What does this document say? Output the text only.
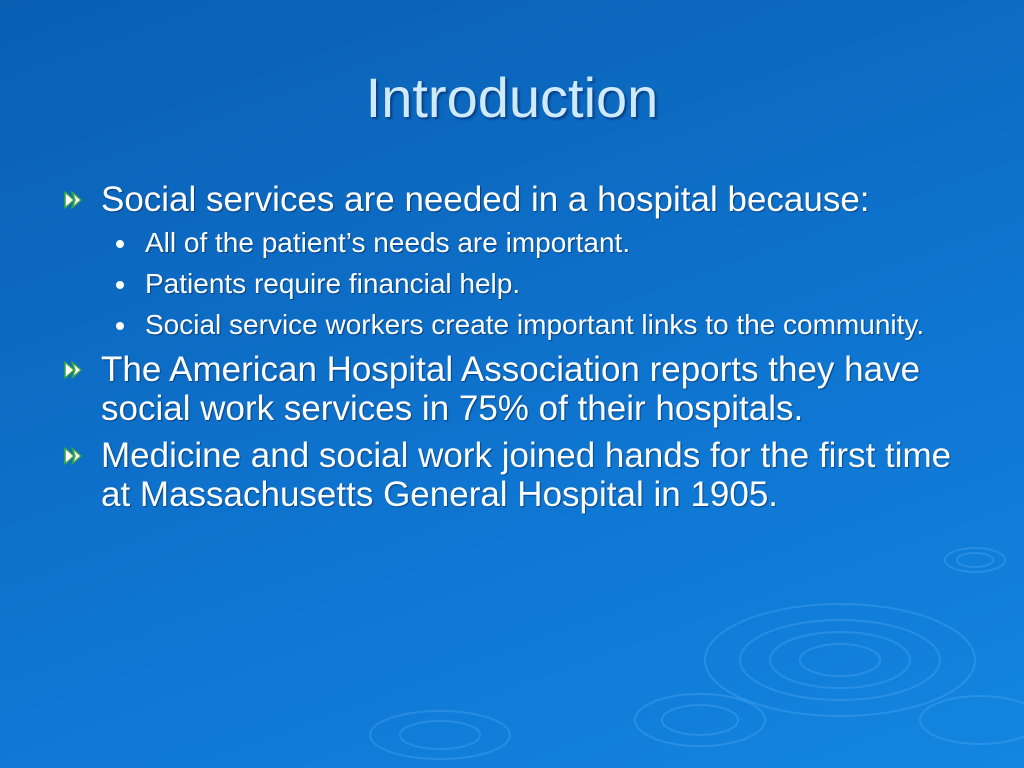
Introduction
Social services are needed in a hospital because:
All of the patient’s needs are important.
Patients require financial help.
Social service workers create important links to the community.
The American Hospital Association reports they have social work services in 75% of their hospitals.
Medicine and social work joined hands for the first time at Massachusetts General Hospital in 1905.
